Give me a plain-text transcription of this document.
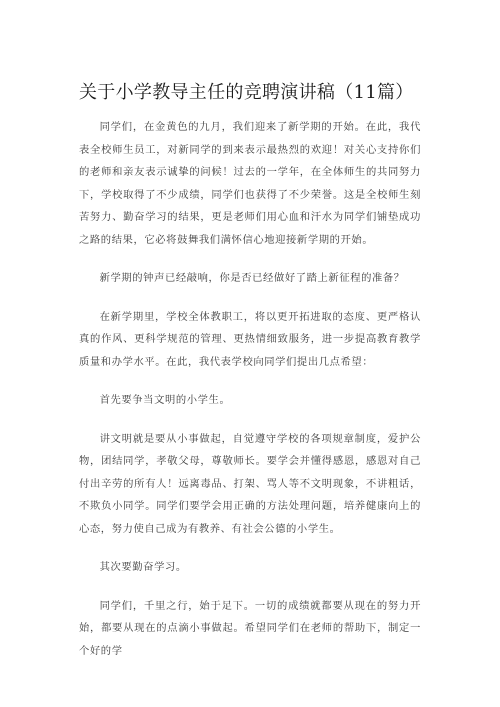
关于小学教导主任的竞聘演讲稿（11篇）

同学们，在金黄色的九月，我们迎来了新学期的开始。在此，我代表全校师生员工，对新同学的到来表示最热烈的欢迎！对关心支持你们的老师和亲友表示诚挚的问候！过去的一学年，在全体师生的共同努力下，学校取得了不少成绩，同学们也获得了不少荣誉。这是全校师生刻苦努力、勤奋学习的结果，更是老师们用心血和汗水为同学们铺垫成功之路的结果，它必将鼓舞我们满怀信心地迎接新学期的开始。

新学期的钟声已经敲响，你是否已经做好了踏上新征程的准备？

在新学期里，学校全体教职工，将以更开拓进取的态度、更严格认真的作风、更科学规范的管理、更热情细致服务，进一步提高教育教学质量和办学水平。在此，我代表学校向同学们提出几点希望：

首先要争当文明的小学生。

讲文明就是要从小事做起，自觉遵守学校的各项规章制度，爱护公物，团结同学，孝敬父母，尊敬师长。要学会并懂得感恩，感恩对自己付出辛劳的所有人！远离毒品、打架、骂人等不文明现象，不讲粗话，不欺负小同学。同学们要学会用正确的方法处理问题，培养健康向上的心态，努力使自己成为有教养、有社会公德的小学生。

其次要勤奋学习。

同学们，千里之行，始于足下。一切的成绩就都要从现在的努力开始，都要从现在的点滴小事做起。希望同学们在老师的帮助下，制定一个好的学
